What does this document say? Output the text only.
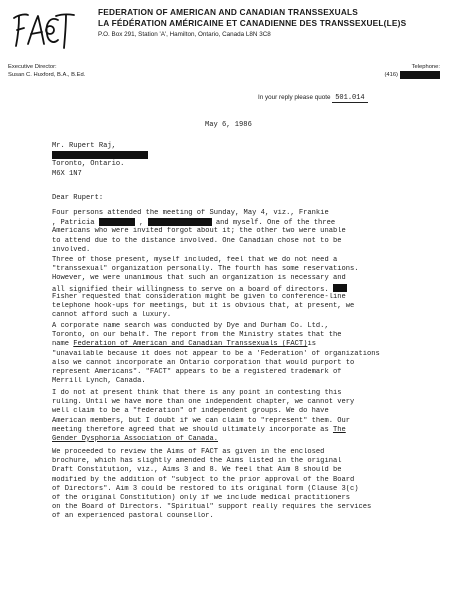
FEDERATION OF AMERICAN AND CANADIAN TRANSSEXUALS
LA FÉDÉRATION AMÉRICAINE ET CANADIENNE DES TRANSSEXUEL(LE)S
P.O. Box 291, Station 'A', Hamilton, Ontario, Canada L8N 3C8
Executive Director:
Susan C. Huxford, B.A., B.Ed.
Telephone:
(416)
In your reply please quote 501.014
May 6, 1986
Mr. Rupert Raj,
Toronto, Ontario.
M6X 1N7
Dear Rupert:
Four persons attended the meeting of Sunday, May 4, viz., Frankie
, Patricia	,	and myself. One of the three
Americans who were invited forgot about it; the other two were unable
to attend due to the distance involved. One Canadian chose not to be
involved.
Three of those present, myself included, feel that we do not need a
"transsexual" organization personally. The fourth has some reservations.
However, we were unanimous that such an organization is necessary and
all signified their willingness to serve on a board of directors.
Fisher requested that consideration might be given to conference-line
telephone hook-ups for meetings, but it is obvious that, at present, we
cannot afford such a luxury.
A corporate name search was conducted by Dye and Durham Co. Ltd.,
Toronto, on our behalf. The report from the Ministry states that the
name Federation of American and Canadian Transsexuals (FACT)is
"unavailable because it does not appear to be a 'Federation' of organizations
also we cannot incorporate an Ontario corporation that would purport to
represent Americans". "FACT" appears to be a registered trademark of
Merrill Lynch, Canada.
I do not at present think that there is any point in contesting this
ruling. Until we have more than one independent chapter, we cannot very
well claim to be a "federation" of independent groups. We do have
American members, but I doubt if we can claim to "represent" them. Our
meeting therefore agreed that we should ultimately incorporate as The
Gender Dysphoria Association of Canada.
We proceeded to review the Aims of FACT as given in the enclosed
brochure, which has slightly amended the Aims listed in the original
Draft Constitution, viz., Aims 3 and 8. We feel that Aim 8 should be
modified by the addition of "subject to the prior approval of the Board
of Directors". Aim 3 could be restored to its original form (Clause 3(c)
of the original Constitution) only if we include medical practitioners
on the Board of Directors. "Spiritual" support really requires the services
of an experienced pastoral counsellor.
